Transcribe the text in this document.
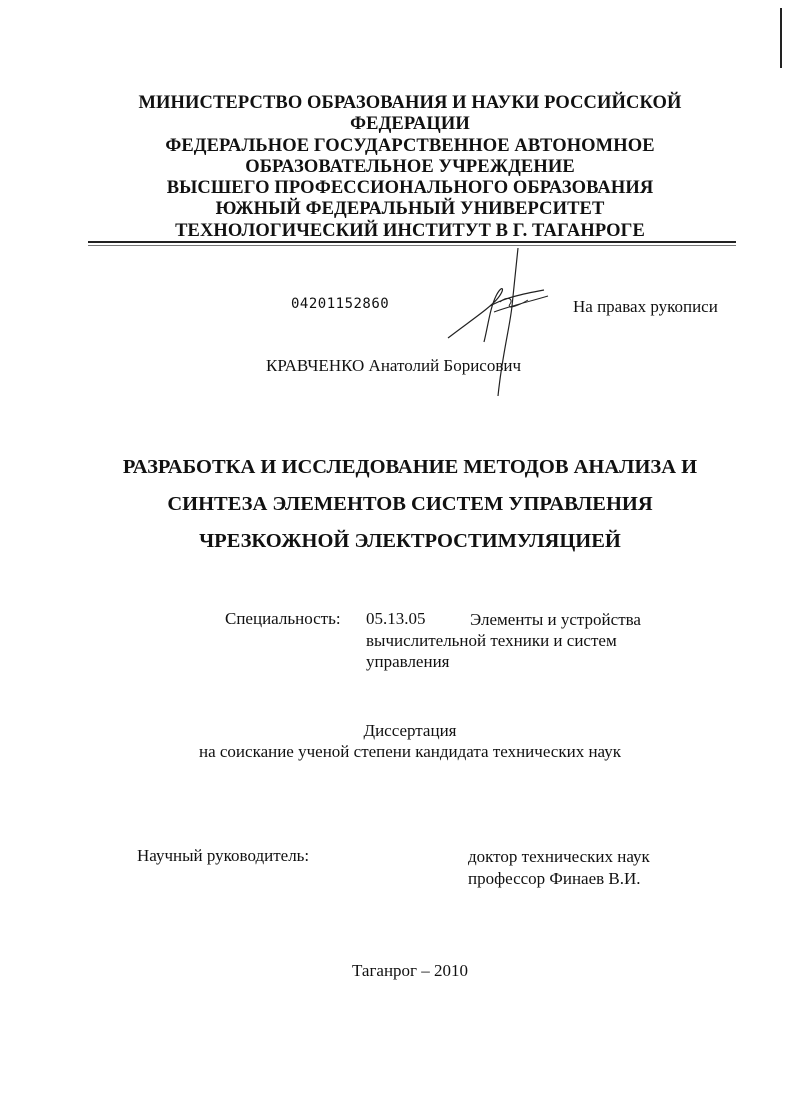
МИНИСТЕРСТВО ОБРАЗОВАНИЯ И НАУКИ РОССИЙСКОЙ
ФЕДЕРАЦИИ
ФЕДЕРАЛЬНОЕ ГОСУДАРСТВЕННОЕ АВТОНОМНОЕ
ОБРАЗОВАТЕЛЬНОЕ УЧРЕЖДЕНИЕ
ВЫСШЕГО ПРОФЕССИОНАЛЬНОГО ОБРАЗОВАНИЯ
ЮЖНЫЙ ФЕДЕРАЛЬНЫЙ УНИВЕРСИТЕТ
ТЕХНОЛОГИЧЕСКИЙ ИНСТИТУТ В Г. ТАГАНРОГЕ
04201152860	На правах рукописи
КРАВЧЕНКО Анатолий Борисович
РАЗРАБОТКА И ИССЛЕДОВАНИЕ МЕТОДОВ АНАЛИЗА И
СИНТЕЗА ЭЛЕМЕНТОВ СИСТЕМ УПРАВЛЕНИЯ
ЧРЕЗКОЖНОЙ ЭЛЕКТРОСТИМУЛЯЦИЕЙ
Специальность: 05.13.05	Элементы и устройства
вычислительной техники и систем
управления
Диссертация
на соискание ученой степени кандидата технических наук
Научный руководитель:	доктор технических наук
профессор Финаев В.И.
Таганрог – 2010
